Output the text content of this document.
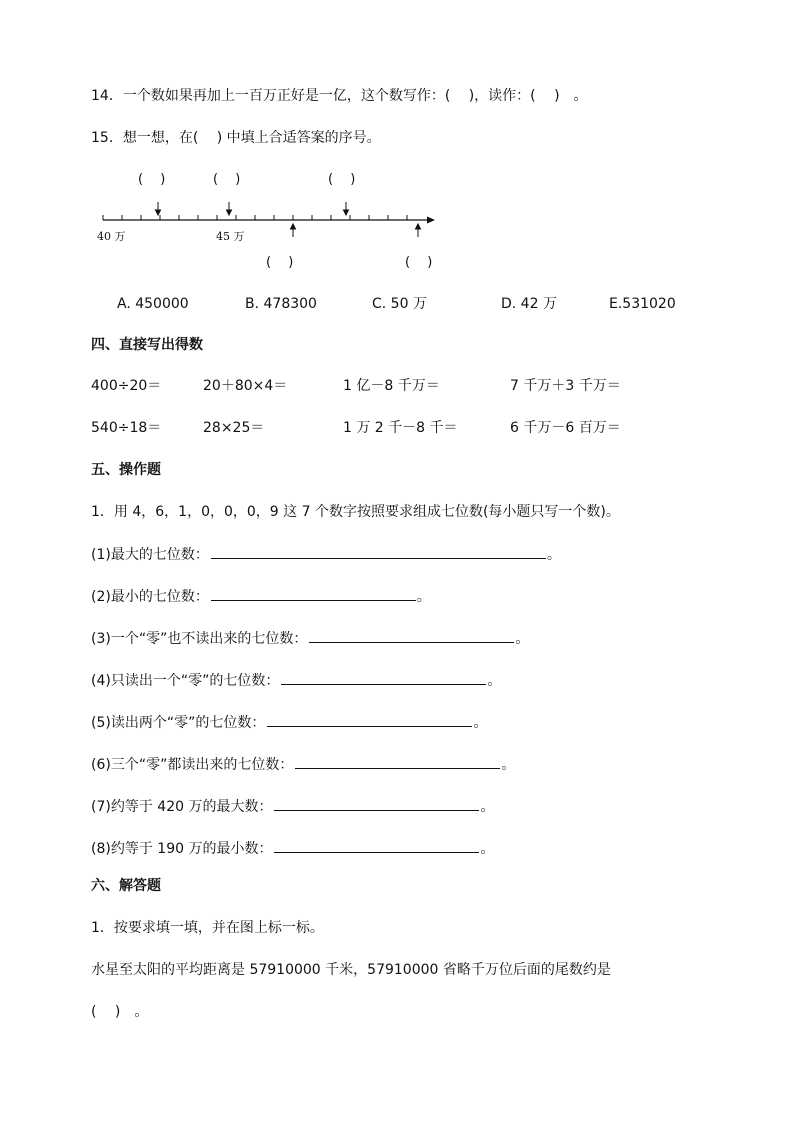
14．一个数如果再加上一百万正好是一亿，这个数写作：(　 )，读作：(　 )　。
15．想一想，在(　 ) 中填上合适答案的序号。
(　 )	(　 )	(　 )
40 万	45 万
(　 )	(　 )
A. 450000	B. 478300	C. 50 万	D. 42 万	E.531020
四、直接写出得数
400÷20＝	20＋80×4＝	1 亿－8 千万＝	7 千万＋3 千万＝
540÷18＝	28×25＝	1 万 2 千－8 千＝	6 千万－6 百万＝
五、操作题
1．用 4，6，1，0，0，0，9 这 7 个数字按照要求组成七位数(每小题只写一个数)。
(1)最大的七位数：	。
(2)最小的七位数：	。
(3)一个“零”也不读出来的七位数：	。
(4)只读出一个“零”的七位数：	。
(5)读出两个“零”的七位数：	。
(6)三个“零”都读出来的七位数：	。
(7)约等于 420 万的最大数：	。
(8)约等于 190 万的最小数：	。
六、解答题
1．按要求填一填，并在图上标一标。
水星至太阳的平均距离是 57910000 千米，57910000 省略千万位后面的尾数约是
(　 )　。
